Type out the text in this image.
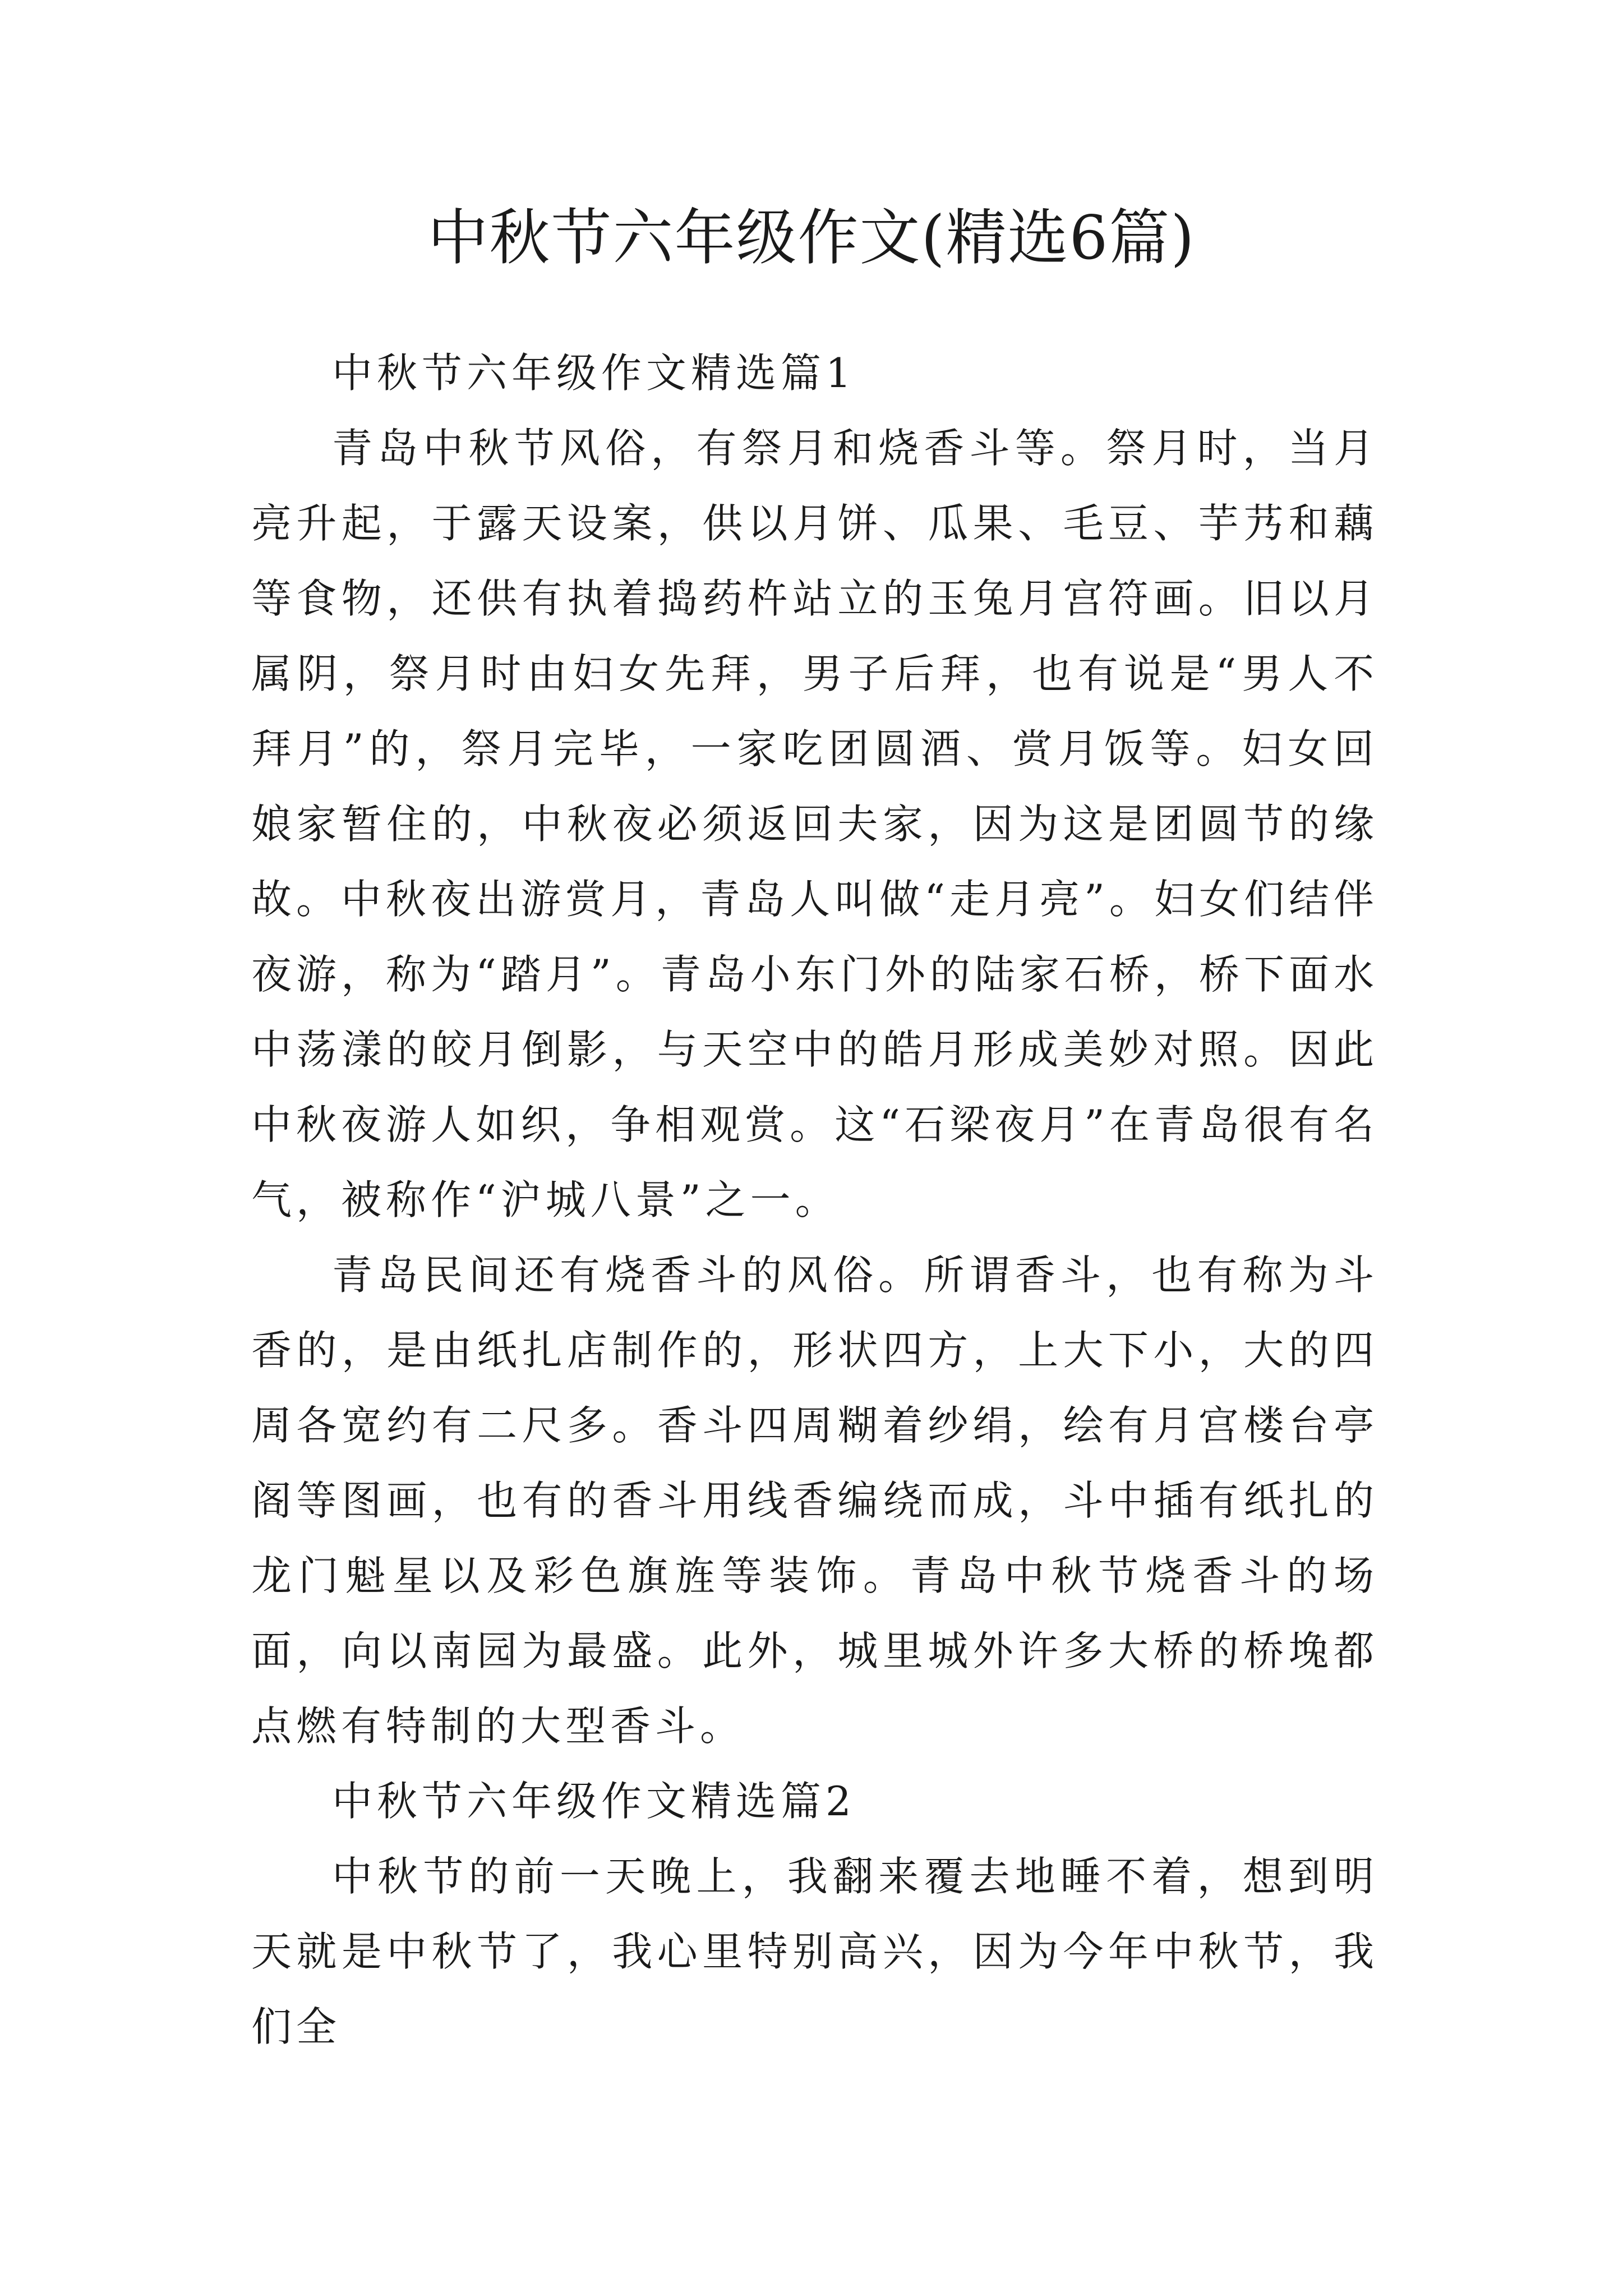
中秋节六年级作文(精选6篇)

中秋节六年级作文精选篇1

青岛中秋节风俗，有祭月和烧香斗等。祭月时，当月亮升起，于露天设案，供以月饼、瓜果、毛豆、芋艿和藕等食物，还供有执着捣药杵站立的玉兔月宫符画。旧以月属阴，祭月时由妇女先拜，男子后拜，也有说是“男人不拜月”的，祭月完毕，一家吃团圆酒、赏月饭等。妇女回娘家暂住的，中秋夜必须返回夫家，因为这是团圆节的缘故。中秋夜出游赏月，青岛人叫做“走月亮”。妇女们结伴夜游，称为“踏月”。青岛小东门外的陆家石桥，桥下面水中荡漾的皎月倒影，与天空中的皓月形成美妙对照。因此中秋夜游人如织，争相观赏。这“石梁夜月”在青岛很有名气，被称作“沪城八景”之一。

青岛民间还有烧香斗的风俗。所谓香斗，也有称为斗香的，是由纸扎店制作的，形状四方，上大下小，大的四周各宽约有二尺多。香斗四周糊着纱绢，绘有月宫楼台亭阁等图画，也有的香斗用线香编绕而成，斗中插有纸扎的龙门魁星以及彩色旗旌等装饰。青岛中秋节烧香斗的场面，向以南园为最盛。此外，城里城外许多大桥的桥堍都点燃有特制的大型香斗。

中秋节六年级作文精选篇2

中秋节的前一天晚上，我翻来覆去地睡不着，想到明天就是中秋节了，我心里特别高兴，因为今年中秋节，我们全
